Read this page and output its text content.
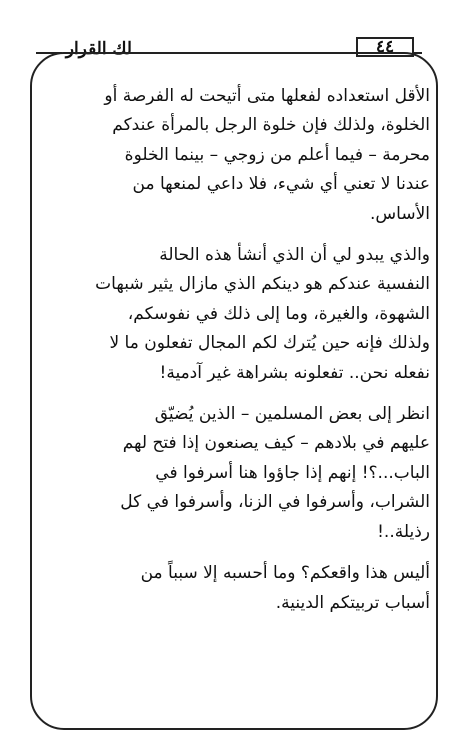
٤٤
لك القرار

الأقل استعداده لفعلها متى أتيحت له الفرصة أو
الخلوة، ولذلك فإن خلوة الرجل بالمرأة عندكم
محرمة – فيما أعلم من زوجي – بينما الخلوة
عندنا لا تعني أي شيء، فلا داعي لمنعها من
الأساس.

والذي يبدو لي أن الذي أنشأ هذه الحالة
النفسية عندكم هو دينكم الذي مازال يثير شبهات
الشهوة، والغيرة، وما إلى ذلك في نفوسكم،
ولذلك فإنه حين يُترك لكم المجال تفعلون ما لا
نفعله نحن.. تفعلونه بشراهة غير آدمية!

انظر إلى بعض المسلمين – الذين يُضيّق
عليهم في بلادهم – كيف يصنعون إذا فتح لهم
الباب...؟! إنهم إذا جاؤوا هنا أسرفوا في
الشراب، وأسرفوا في الزنا، وأسرفوا في كل
رذيلة..!

أليس هذا واقعكم؟ وما أحسبه إلا سبباً من
أسباب تربيتكم الدينية.
